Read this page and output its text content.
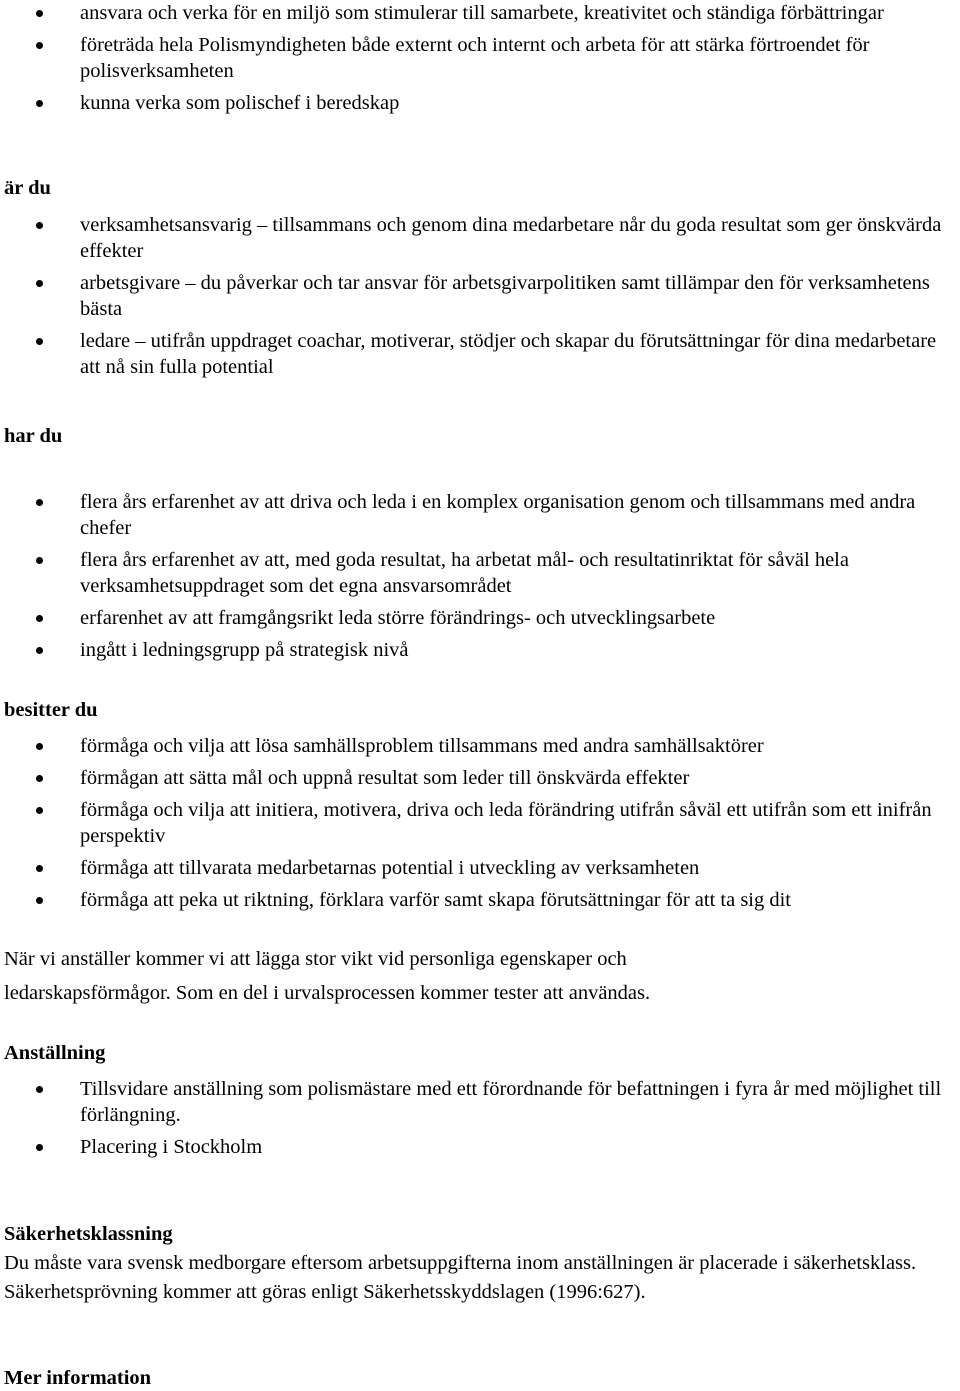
ansvara och verka för en miljö som stimulerar till samarbete, kreativitet och ständiga förbättringar
företräda hela Polismyndigheten både externt och internt och arbeta för att stärka förtroendet för polisverksamheten
kunna verka som polischef i beredskap
är du
verksamhetsansvarig – tillsammans och genom dina medarbetare når du goda resultat som ger önskvärda effekter
arbetsgivare – du påverkar och tar ansvar för arbetsgivarpolitiken samt tillämpar den för verksamhetens bästa
ledare – utifrån uppdraget coachar, motiverar, stödjer och skapar du förutsättningar för dina medarbetare att nå sin fulla potential
har du
flera års erfarenhet av att driva och leda i en komplex organisation genom och tillsammans med andra chefer
flera års erfarenhet av att, med goda resultat, ha arbetat mål- och resultatinriktat för såväl hela verksamhetsuppdraget som det egna ansvarsområdet
erfarenhet av att framgångsrikt leda större förändrings- och utvecklingsarbete
ingått i ledningsgrupp på strategisk nivå
besitter du
förmåga och vilja att lösa samhällsproblem tillsammans med andra samhällsaktörer
förmågan att sätta mål och uppnå resultat som leder till önskvärda effekter
förmåga och vilja att initiera, motivera, driva och leda förändring utifrån såväl ett utifrån som ett inifrån perspektiv
förmåga att tillvarata medarbetarnas potential i utveckling av verksamheten
förmåga att peka ut riktning, förklara varför samt skapa förutsättningar för att ta sig dit
När vi anställer kommer vi att lägga stor vikt vid personliga egenskaper och
ledarskapsförmågor. Som en del i urvalsprocessen kommer tester att användas.
Anställning
Tillsvidare anställning som polismästare med ett förordnande för befattningen i fyra år med möjlighet till förlängning.
Placering i Stockholm
Säkerhetsklassning
Du måste vara svensk medborgare eftersom arbetsuppgifterna inom anställningen är placerade i säkerhetsklass. Säkerhetsprövning kommer att göras enligt Säkerhetsskyddslagen (1996:627).
Mer information
